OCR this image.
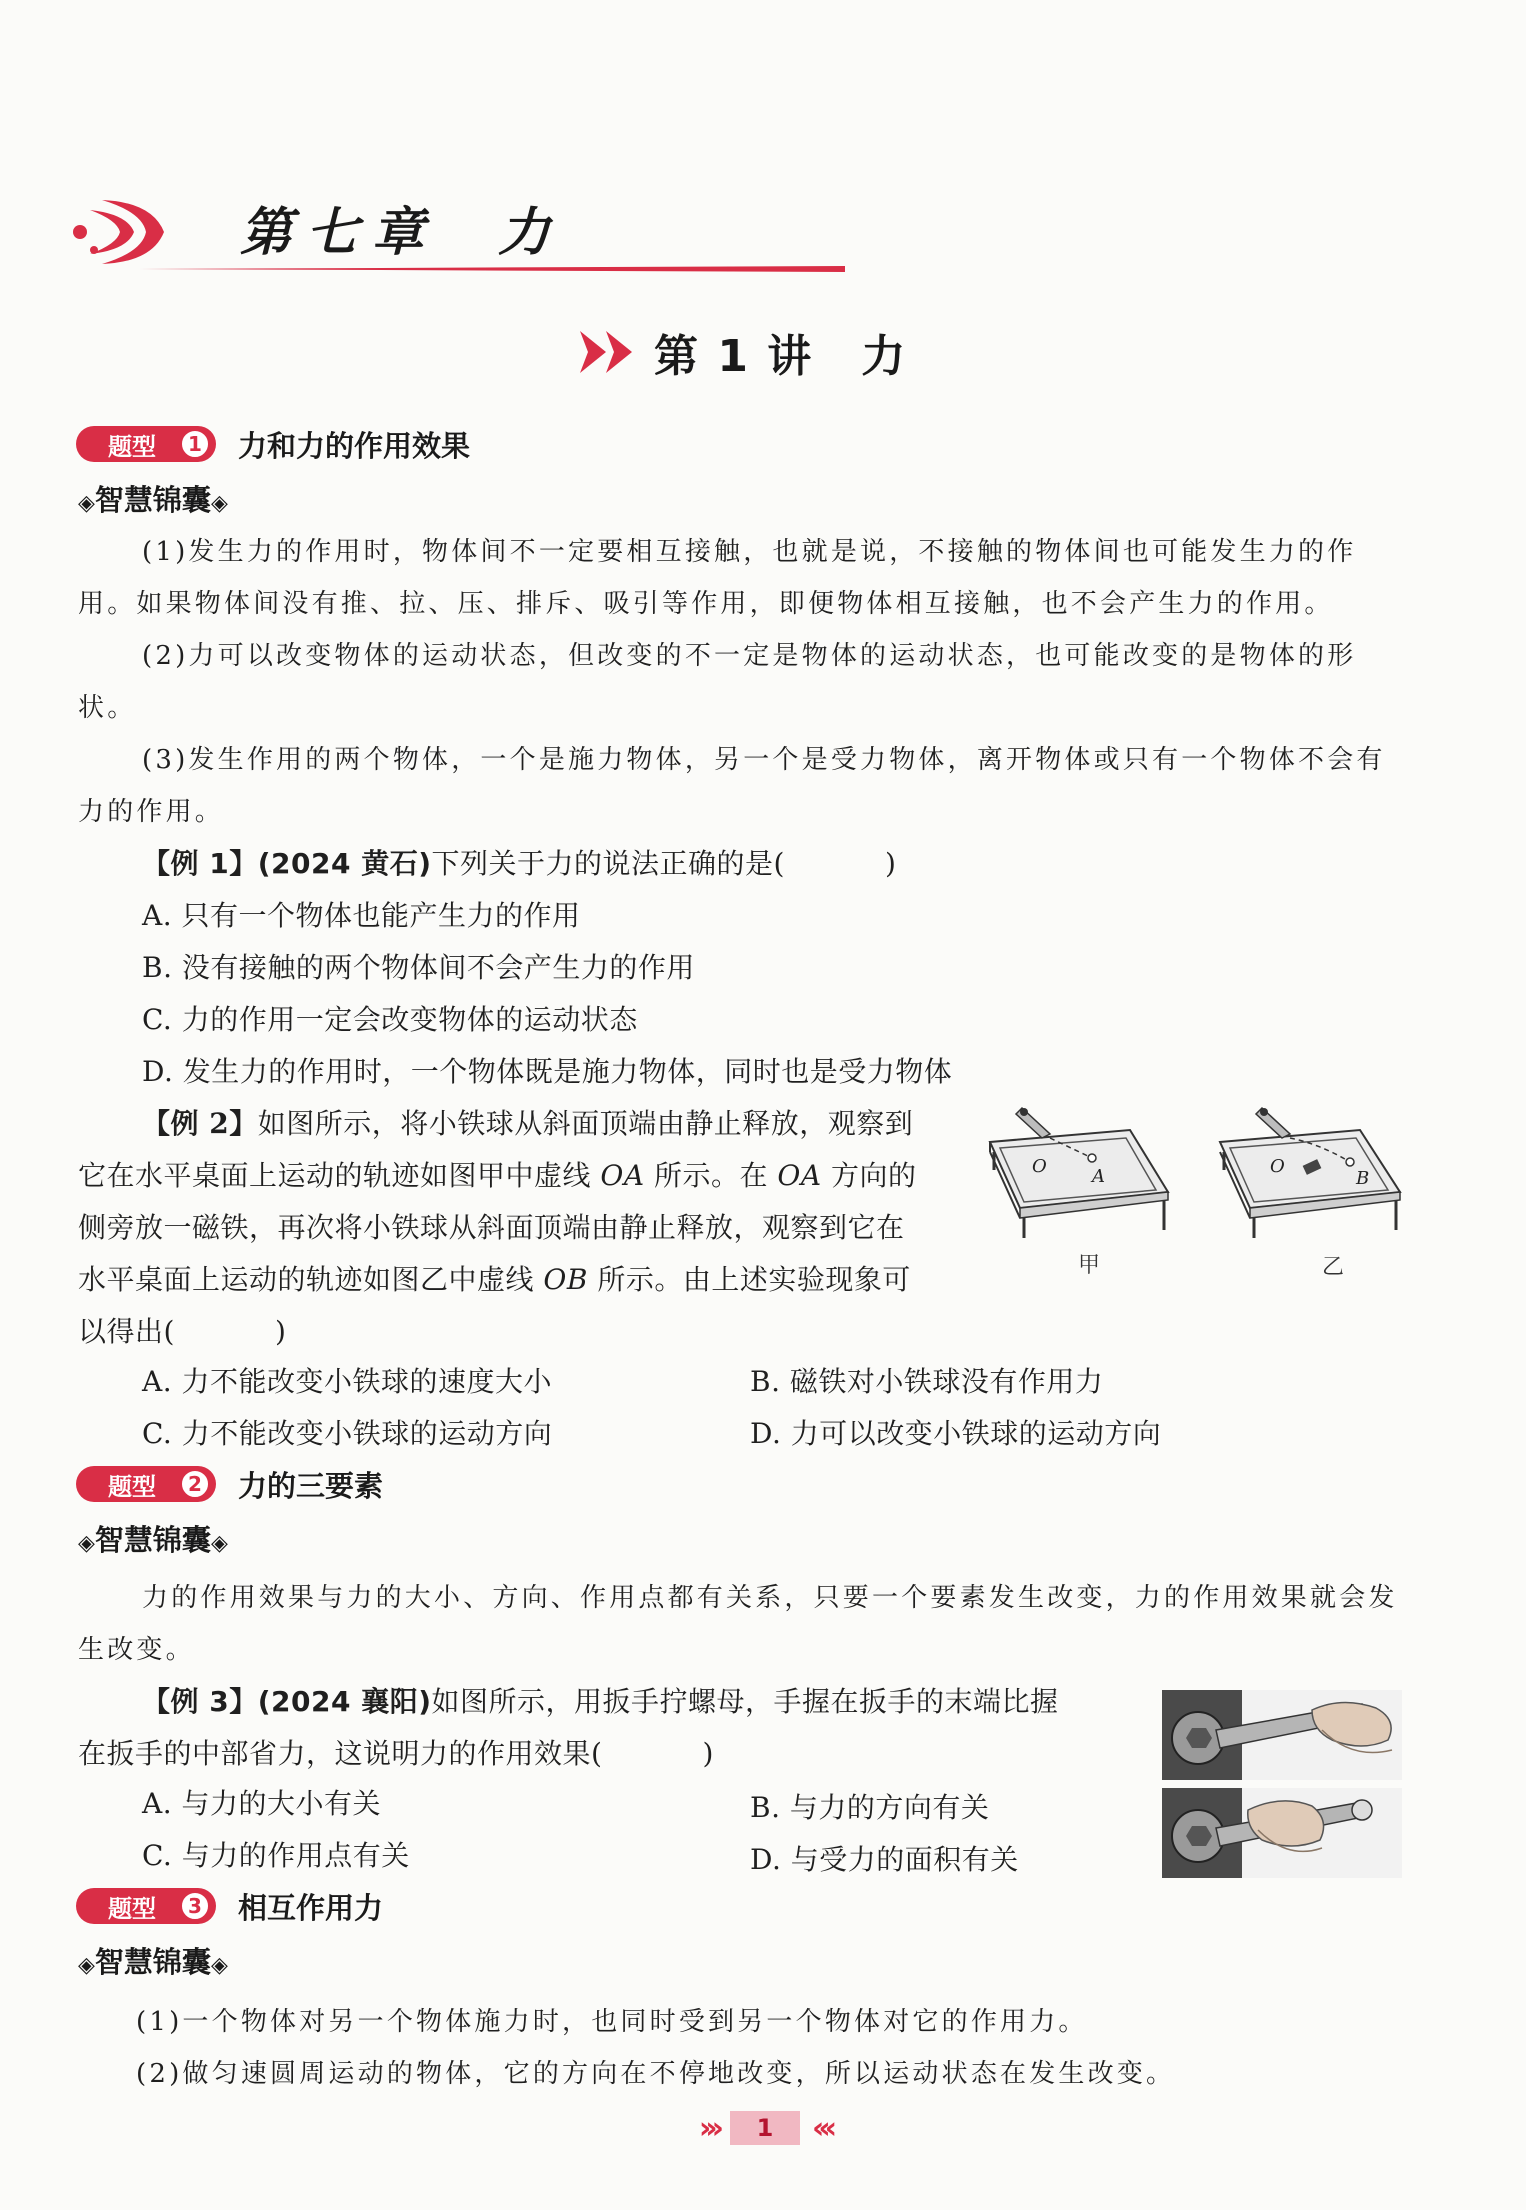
第七章 力
第 1 讲 力
题型	1 力和力的作用效果
◈智慧锦囊◈

(1)发生力的作用时，物体间不一定要相互接触，也就是说，不接触的物体间也可能发生力的作用。如果物体间没有推、拉、压、排斥、吸引等作用，即便物体相互接触，也不会产生力的作用。

(2)力可以改变物体的运动状态，但改变的不一定是物体的运动状态，也可能改变的是物体的形状。

(3)发生作用的两个物体，一个是施力物体，另一个是受力物体，离开物体或只有一个物体不会有力的作用。

【例 1】(2024 黄石)下列关于力的说法正确的是(	)
A. 只有一个物体也能产生力的作用
B. 没有接触的两个物体间不会产生力的作用
C. 力的作用一定会改变物体的运动状态
D. 发生力的作用时，一个物体既是施力物体，同时也是受力物体

【例 2】如图所示，将小铁球从斜面顶端由静止释放，观察到它在水平桌面上运动的轨迹如图甲中虚线 OA 所示。在 OA 方向的侧旁放一磁铁，再次将小铁球从斜面顶端由静止释放，观察到它在水平桌面上运动的轨迹如图乙中虚线 OB 所示。由上述实验现象可以得出(	)

O	A
甲
O
B
乙
A. 力不能改变小铁球的速度大小	B. 磁铁对小铁球没有作用力
C. 力不能改变小铁球的运动方向	D. 力可以改变小铁球的运动方向
题型	2 力的三要素
◈智慧锦囊◈

力的作用效果与力的大小、方向、作用点都有关系，只要一个要素发生改变，力的作用效果就会发生改变。

【例 3】(2024 襄阳)如图所示，用扳手拧螺母，手握在扳手的末端比握
在扳手的中部省力，这说明力的作用效果(	)
A. 与力的大小有关	B. 与力的方向有关
C. 与力的作用点有关	D. 与受力的面积有关
题型	3 相互作用力
◈智慧锦囊◈

(1)一个物体对另一个物体施力时，也同时受到另一个物体对它的作用力。

(2)做匀速圆周运动的物体，它的方向在不停地改变，所以运动状态在发生改变。

›››	1	‹‹‹
